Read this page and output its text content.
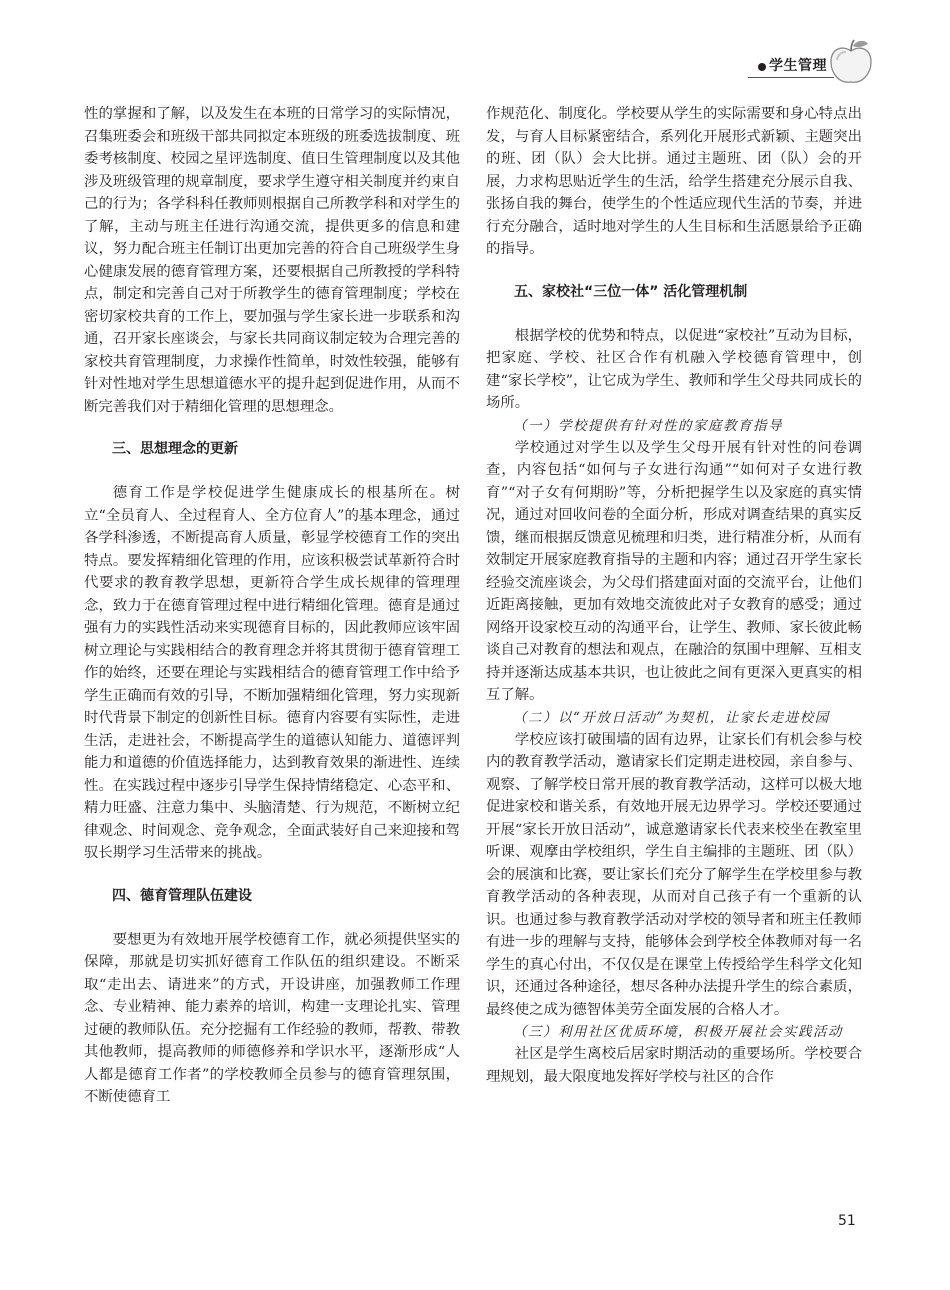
学生管理

性的掌握和了解，以及发生在本班的日常学习的实际情况，召集班委会和班级干部共同拟定本班级的班委选拔制度、班委考核制度、校园之星评选制度、值日生管理制度以及其他涉及班级管理的规章制度，要求学生遵守相关制度并约束自己的行为；各学科科任教师则根据自己所教学科和对学生的了解，主动与班主任进行沟通交流，提供更多的信息和建议，努力配合班主任制订出更加完善的符合自己班级学生身心健康发展的德育管理方案，还要根据自己所教授的学科特点，制定和完善自己对于所教学生的德育管理制度；学校在密切家校共育的工作上，要加强与学生家长进一步联系和沟通，召开家长座谈会，与家长共同商议制定较为合理完善的家校共育管理制度，力求操作性简单，时效性较强，能够有针对性地对学生思想道德水平的提升起到促进作用，从而不断完善我们对于精细化管理的思想理念。

三、思想理念的更新

德育工作是学校促进学生健康成长的根基所在。树立“全员育人、全过程育人、全方位育人”的基本理念，通过各学科渗透，不断提高育人质量，彰显学校德育工作的突出特点。要发挥精细化管理的作用，应该积极尝试革新符合时代要求的教育教学思想，更新符合学生成长规律的管理理念，致力于在德育管理过程中进行精细化管理。德育是通过强有力的实践性活动来实现德育目标的，因此教师应该牢固树立理论与实践相结合的教育理念并将其贯彻于德育管理工作的始终，还要在理论与实践相结合的德育管理工作中给予学生正确而有效的引导，不断加强精细化管理，努力实现新时代背景下制定的创新性目标。德育内容要有实际性，走进生活，走进社会，不断提高学生的道德认知能力、道德评判能力和道德的价值选择能力，达到教育效果的渐进性、连续性。在实践过程中逐步引导学生保持情绪稳定、心态平和、精力旺盛、注意力集中、头脑清楚、行为规范，不断树立纪律观念、时间观念、竞争观念，全面武装好自己来迎接和驾驭长期学习生活带来的挑战。

四、德育管理队伍建设

要想更为有效地开展学校德育工作，就必须提供坚实的保障，那就是切实抓好德育工作队伍的组织建设。不断采取“走出去、请进来”的方式，开设讲座，加强教师工作理念、专业精神、能力素养的培训，构建一支理论扎实、管理过硬的教师队伍。充分挖掘有工作经验的教师，帮教、带教其他教师，提高教师的师德修养和学识水平，逐渐形成“人人都是德育工作者”的学校教师全员参与的德育管理氛围，不断使德育工

作规范化、制度化。学校要从学生的实际需要和身心特点出发，与育人目标紧密结合，系列化开展形式新颖、主题突出的班、团（队）会大比拼。通过主题班、团（队）会的开展，力求构思贴近学生的生活，给学生搭建充分展示自我、张扬自我的舞台，使学生的个性适应现代生活的节奏，并进行充分融合，适时地对学生的人生目标和生活愿景给予正确的指导。

五、家校社“三位一体” 活化管理机制

根据学校的优势和特点，以促进“家校社”互动为目标，把家庭、学校、社区合作有机融入学校德育管理中，创建“家长学校”，让它成为学生、教师和学生父母共同成长的场所。

（一）学校提供有针对性的家庭教育指导

学校通过对学生以及学生父母开展有针对性的问卷调查，内容包括“如何与子女进行沟通”“如何对子女进行教育”“对子女有何期盼”等，分析把握学生以及家庭的真实情况，通过对回收问卷的全面分析，形成对调查结果的真实反馈，继而根据反馈意见梳理和归类，进行精准分析，从而有效制定开展家庭教育指导的主题和内容；通过召开学生家长经验交流座谈会，为父母们搭建面对面的交流平台，让他们近距离接触，更加有效地交流彼此对子女教育的感受；通过网络开设家校互动的沟通平台，让学生、教师、家长彼此畅谈自己对教育的想法和观点，在融洽的氛围中理解、互相支持并逐渐达成基本共识，也让彼此之间有更深入更真实的相互了解。

（二）以“开放日活动”为契机，让家长走进校园

学校应该打破围墙的固有边界，让家长们有机会参与校内的教育教学活动，邀请家长们定期走进校园，亲自参与、观察、了解学校日常开展的教育教学活动，这样可以极大地促进家校和谐关系，有效地开展无边界学习。学校还要通过开展“家长开放日活动”，诚意邀请家长代表来校坐在教室里听课、观摩由学校组织，学生自主编排的主题班、团（队）会的展演和比赛，要让家长们充分了解学生在学校里参与教育教学活动的各种表现，从而对自己孩子有一个重新的认识。也通过参与教育教学活动对学校的领导者和班主任教师有进一步的理解与支持，能够体会到学校全体教师对每一名学生的真心付出，不仅仅是在课堂上传授给学生科学文化知识，还通过各种途径，想尽各种办法提升学生的综合素质，最终使之成为德智体美劳全面发展的合格人才。

（三）利用社区优质环境，积极开展社会实践活动

社区是学生离校后居家时期活动的重要场所。学校要合理规划，最大限度地发挥好学校与社区的合作

51
